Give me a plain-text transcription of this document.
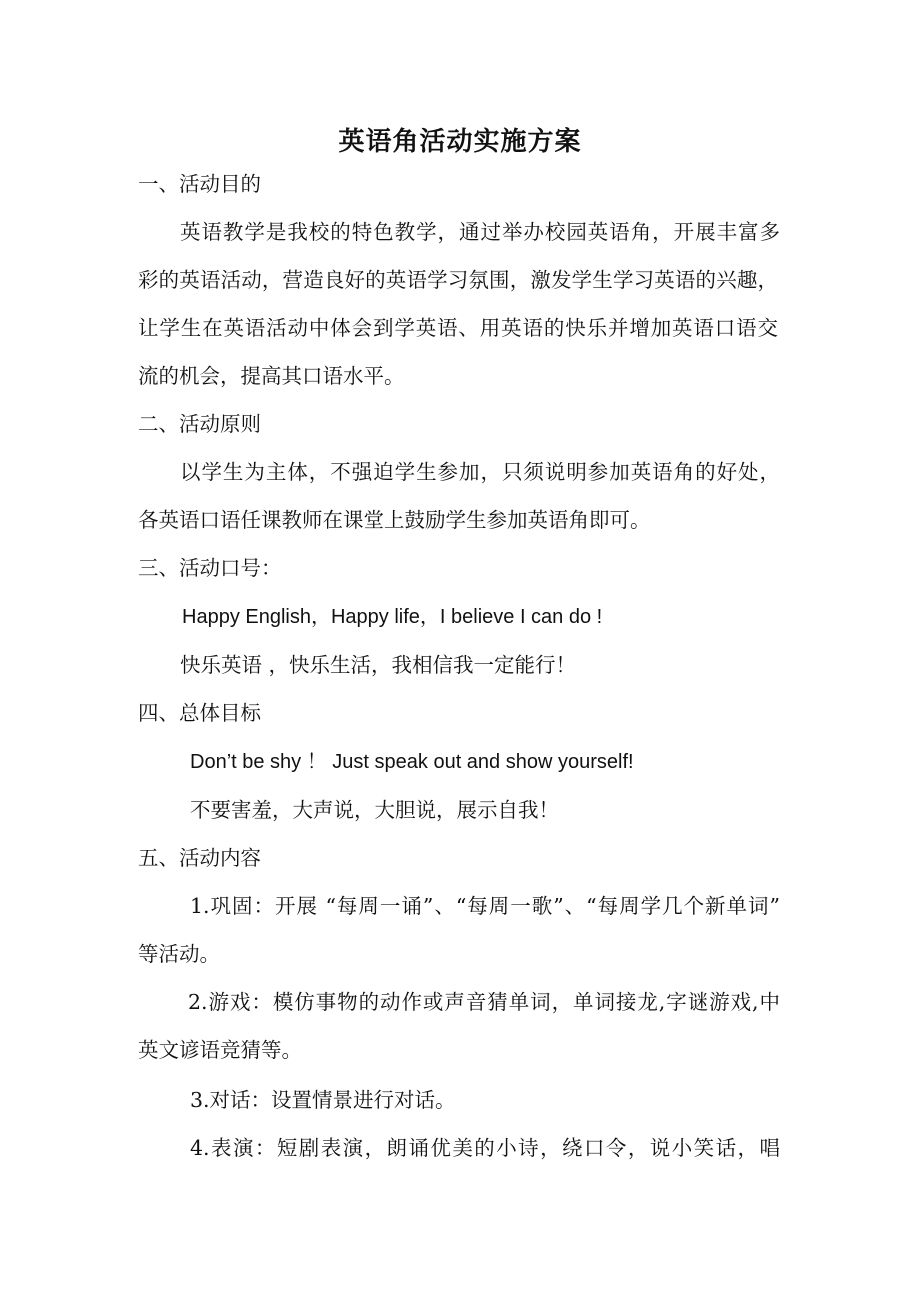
英语角活动实施方案
一、活动目的
英语教学是我校的特色教学，通过举办校园英语角，开展丰富多
彩的英语活动，营造良好的英语学习氛围，激发学生学习英语的兴趣，
让学生在英语活动中体会到学英语、用英语的快乐并增加英语口语交
流的机会，提高其口语水平。
二、活动原则
以学生为主体，不强迫学生参加，只须说明参加英语角的好处，
各英语口语任课教师在课堂上鼓励学生参加英语角即可。
三、活动口号：
Happy English，Happy life，I believe I can do !
快乐英语 ，快乐生活，我相信我一定能行！
四、总体目标
Don’t be shy ！ Just speak out and show yourself!
不要害羞，大声说，大胆说，展示自我！
五、活动内容
1.巩固：开展 “每周一诵”、“每周一歌”、“每周学几个新单词”
等活动。
2.游戏：模仿事物的动作或声音猜单词，单词接龙,字谜游戏,中
英文谚语竞猜等。
3.对话：设置情景进行对话。
4.表演：短剧表演，朗诵优美的小诗，绕口令，说小笑话，唱
